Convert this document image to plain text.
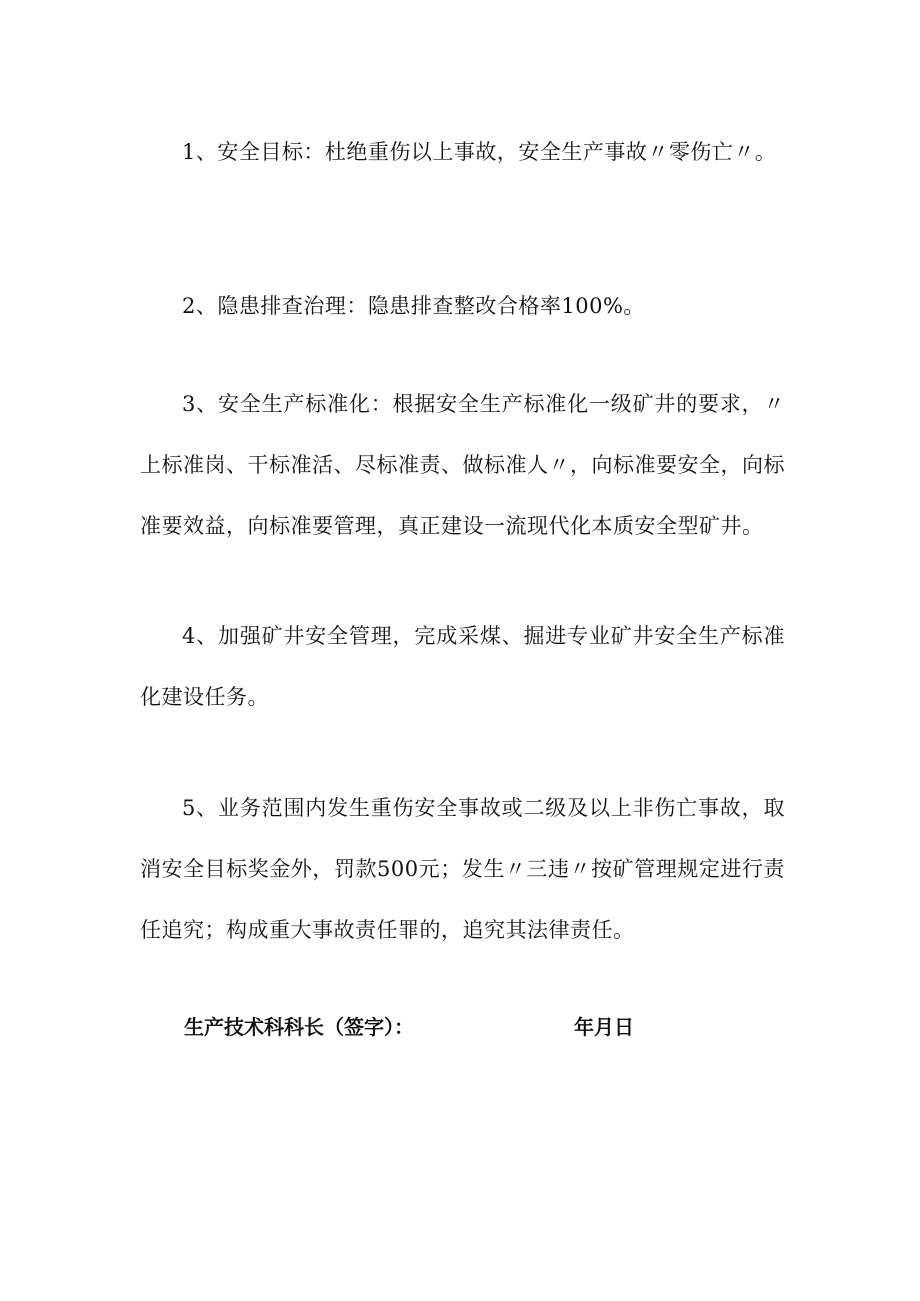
1、安全目标：杜绝重伤以上事故，安全生产事故〃零伤亡〃。

2、隐患排查治理：隐患排查整改合格率100%。

3、安全生产标准化：根据安全生产标准化一级矿井的要求，〃上标准岗、干标准活、尽标准责、做标准人〃，向标准要安全，向标准要效益，向标准要管理，真正建设一流现代化本质安全型矿井。

4、加强矿井安全管理，完成采煤、掘进专业矿井安全生产标准化建设任务。

5、业务范围内发生重伤安全事故或二级及以上非伤亡事故，取消安全目标奖金外，罚款500元；发生〃三违〃按矿管理规定进行责任追究；构成重大事故责任罪的，追究其法律责任。

生产技术科科长（签字）：	年月日
